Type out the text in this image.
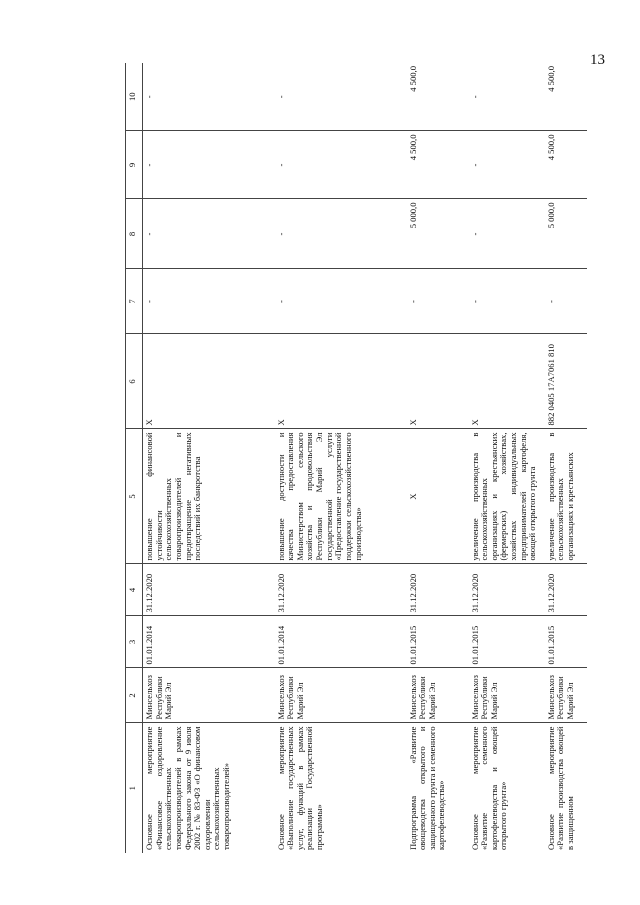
13
1	2	3	4	5	6	7	8	9	10
Основное мероприятие «Финансовое оздоровление сельскохозяйственных товаропроизводителей в рамках Федерального закона от 9 июля 2002 г. № 83-ФЗ «О финансовом оздоровлении сельскохозяйственных товаропроизводителей»	Минсельхоз Республики Марий Эл	01.01.2014	31.12.2020	повышение финансовой устойчивости сельскохозяйственных товаропроизводителей и предотвращение негативных последствий их банкротства	Х	-	-	-	-
Основное мероприятие «Выполнение государственных услуг, функций в рамках реализации Государственной программы»	Минсельхоз Республики Марий Эл	01.01.2014	31.12.2020	повышение доступности и качества предоставления Министерством сельского хозяйства и продовольствия Республики Марий Эл государственной услуги «Предоставление государственной поддержки сельскохозяйственного производства»	Х	-	-	-	-
Подпрограмма «Развитие овощеводства открытого и защищенного грунта и семенного картофелеводства»	Минсельхоз Республики Марий Эл	01.01.2015	31.12.2020	Х	Х	-	5 000,0	4 500,0	4 500,0
Основное мероприятие «Развитие семенного картофелеводства и овощей открытого грунта»	Минсельхоз Республики Марий Эл	01.01.2015	31.12.2020	увеличение производства в сельскохозяйственных организациях и крестьянских (фермерских) хозяйствах, хозяйствах индивидуальных предпринимателей картофеля, овощей открытого грунта	Х	-	-	-	-
Основное мероприятие «Развитие производства овощей в защищенном	Минсельхоз Республики Марий Эл	01.01.2015	31.12.2020	увеличение производства в сельскохозяйственных организациях и крестьянских	882 0405 17А7061 810	-	5 000,0	4 500,0	4 500,0
